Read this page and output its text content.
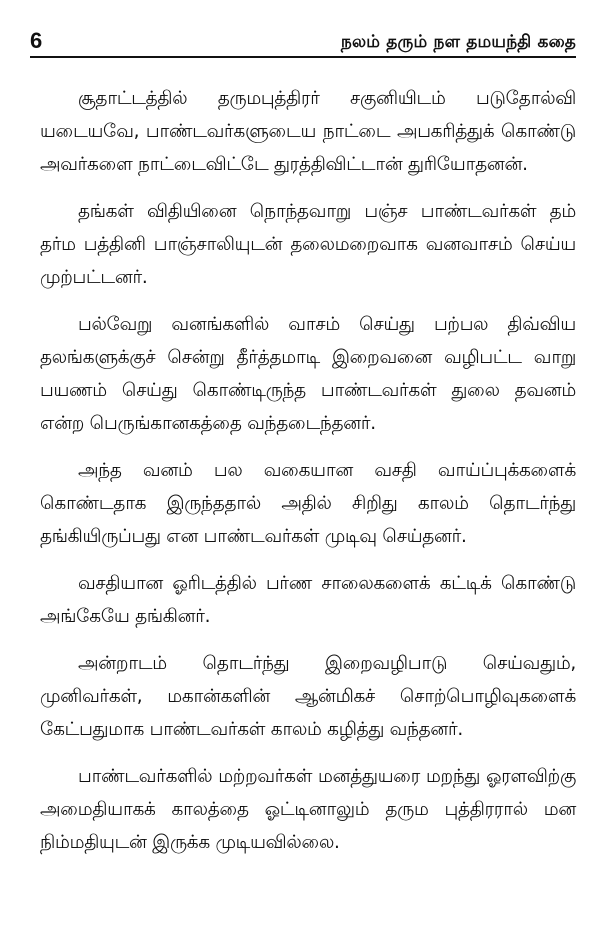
6	நலம் தரும் நள தமயந்தி கதை

சூதாட்டத்தில் தருமபுத்திரர் சகுனியிடம் படுதோல்வி யடையவே, பாண்டவர்களுடைய நாட்டை அபகரித்துக் கொண்டு அவர்களை நாட்டைவிட்டே துரத்திவிட்டான் துரியோதனன்.

தங்கள் விதியினை நொந்தவாறு பஞ்ச பாண்டவர்கள் தம் தர்ம பத்தினி பாஞ்சாலியுடன் தலைமறைவாக வனவாசம் செய்ய முற்பட்டனர்.

பல்வேறு வனங்களில் வாசம் செய்து பற்பல திவ்விய தலங்களுக்குச் சென்று தீர்த்தமாடி இறைவனை வழிபட்ட வாறு பயணம் செய்து கொண்டிருந்த பாண்டவர்கள் துலை தவனம் என்ற பெருங்கானகத்தை வந்தடைந்தனர்.

அந்த வனம் பல வகையான வசதி வாய்ப்புக்களைக் கொண்டதாக இருந்ததால் அதில் சிறிது காலம் தொடர்ந்து தங்கியிருப்பது என பாண்டவர்கள் முடிவு செய்தனர்.

வசதியான ஓரிடத்தில் பர்ண சாலைகளைக் கட்டிக் கொண்டு அங்கேயே தங்கினர்.

அன்றாடம் தொடர்ந்து இறைவழிபாடு செய்வதும், முனிவர்கள், மகான்களின் ஆன்மிகச் சொற்பொழிவுகளைக் கேட்பதுமாக பாண்டவர்கள் காலம் கழித்து வந்தனர்.

பாண்டவர்களில் மற்றவர்கள் மனத்துயரை மறந்து ஓரளவிற்கு அமைதியாகக் காலத்தை ஓட்டினாலும் தரும புத்திரரால் மன நிம்மதியுடன் இருக்க முடியவில்லை.
